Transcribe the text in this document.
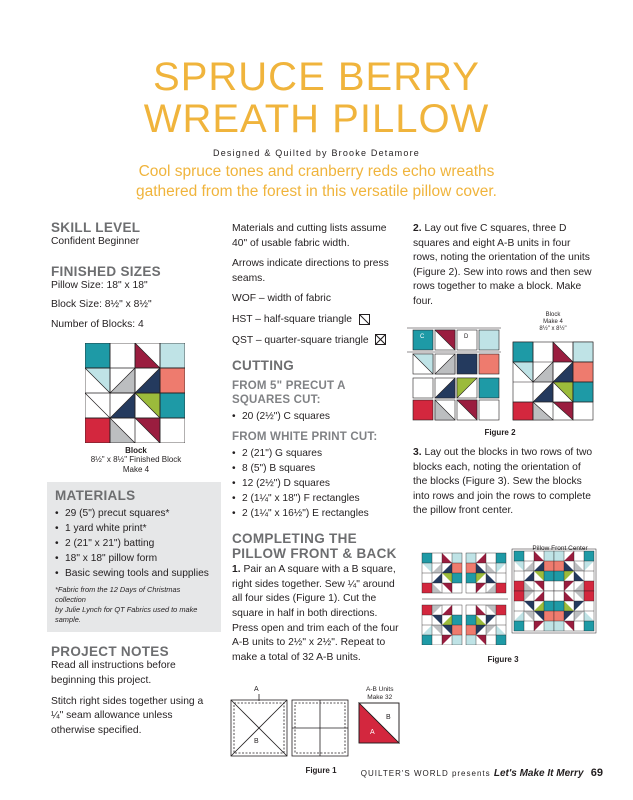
SPRUCE BERRY
WREATH PILLOW
Designed & Quilted by Brooke Detamore
Cool spruce tones and cranberry reds echo wreaths
gathered from the forest in this versatile pillow cover.
SKILL LEVEL
Confident Beginner
FINISHED SIZES
Pillow Size: 18" x 18"
Block Size: 8½" x 8½"
Number of Blocks: 4
Block
8½" x 8½" Finished Block
Make 4
MATERIALS
• 29 (5") precut squares*
• 1 yard white print*
• 2 (21" x 21") batting
• 18" x 18" pillow form
• Basic sewing tools and supplies
*Fabric from the 12 Days of Christmas collection
by Julie Lynch for QT Fabrics used to make sample.
PROJECT NOTES
Read all instructions before beginning this project.
Stitch right sides together using a ¼" seam allowance unless otherwise specified.
Materials and cutting lists assume 40" of usable fabric width.
Arrows indicate directions to press seams.
WOF – width of fabric
HST – half-square triangle
QST – quarter-square triangle
CUTTING
FROM 5" PRECUT A
SQUARES CUT:
• 20 (2½") C squares
FROM WHITE PRINT CUT:
• 2 (21") G squares
• 8 (5") B squares
• 12 (2½") D squares
• 2 (1¼" x 18") F rectangles
• 2 (1¼" x 16½") E rectangles
COMPLETING THE
PILLOW FRONT & BACK
1. Pair an A square with a B square, right sides together. Sew ¼" around all four sides (Figure 1). Cut the square in half in both directions. Press open and trim each of the four A-B units to 2½" x 2½". Repeat to make a total of 32 A-B units.
A
B
B
A
A-B Units
Make 32
Figure 1
2. Lay out five C squares, three D squares and eight A-B units in four rows, noting the orientation of the units (Figure 2). Sew into rows and then sew rows together to make a block. Make four.
Block
Make 4
8½" x 8½"
C	D
Figure 2
3. Lay out the blocks in two rows of two blocks each, noting the orientation of the blocks (Figure 3). Sew the blocks into rows and join the rows to complete the pillow front center.
Pillow Front Center
Figure 3
QUILTER'S WORLD presents Let's Make It Merry 69
